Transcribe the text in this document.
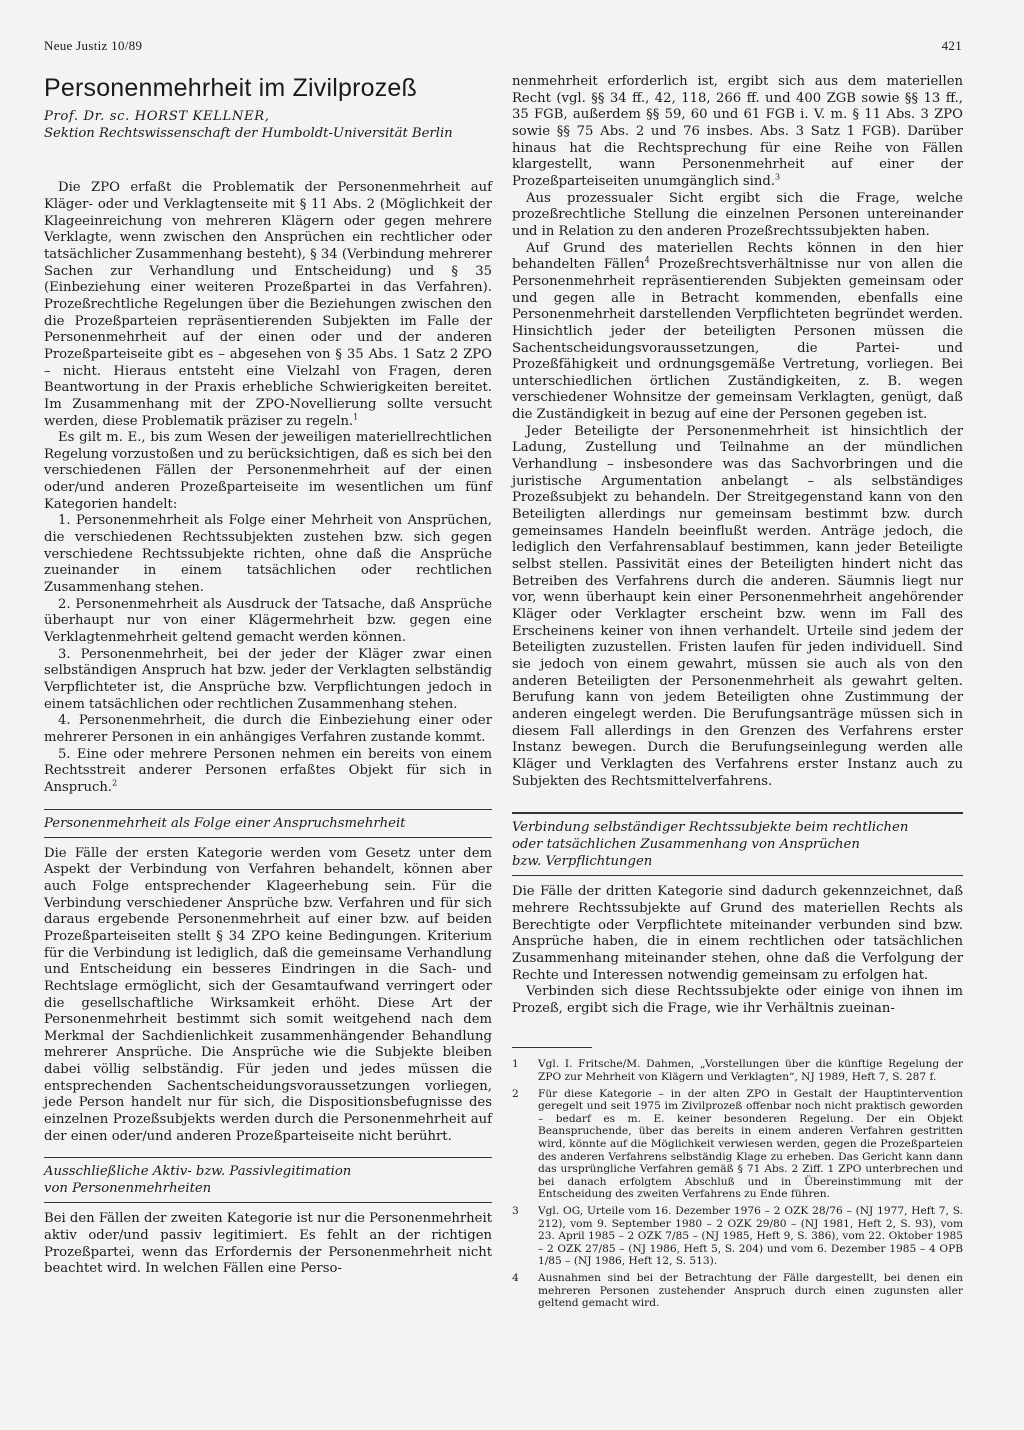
Neue Justiz 10/89	421
Personenmehrheit im Zivilprozeß

Prof. Dr. sc. HORST KELLNER,
Sektion Rechtswissenschaft der Humboldt-Universität Berlin

Die ZPO erfaßt die Problematik der Personenmehrheit auf Kläger- oder und Verklagtenseite mit § 11 Abs. 2 (Möglichkeit der Klageeinreichung von mehreren Klägern oder gegen mehrere Verklagte, wenn zwischen den Ansprüchen ein rechtlicher oder tatsächlicher Zusammenhang besteht), § 34 (Verbindung mehrerer Sachen zur Verhandlung und Entscheidung) und § 35 (Einbeziehung einer weiteren Prozeßpartei in das Verfahren). Prozeßrechtliche Regelungen über die Beziehungen zwischen den die Prozeßparteien repräsentierenden Subjekten im Falle der Personenmehrheit auf der einen oder und der anderen Prozeßparteiseite gibt es – abgesehen von § 35 Abs. 1 Satz 2 ZPO – nicht. Hieraus entsteht eine Vielzahl von Fragen, deren Beantwortung in der Praxis erhebliche Schwierigkeiten bereitet. Im Zusammenhang mit der ZPO-Novellierung sollte versucht werden, diese Problematik präziser zu regeln.$^1$

Es gilt m. E., bis zum Wesen der jeweiligen materiellrechtlichen Regelung vorzustoßen und zu berücksichtigen, daß es sich bei den verschiedenen Fällen der Personenmehrheit auf der einen oder/und anderen Prozeßparteiseite im wesentlichen um fünf Kategorien handelt:

1. Personenmehrheit als Folge einer Mehrheit von Ansprüchen, die verschiedenen Rechtssubjekten zustehen bzw. sich gegen verschiedene Rechtssubjekte richten, ohne daß die Ansprüche zueinander in einem tatsächlichen oder rechtlichen Zusammenhang stehen.

2. Personenmehrheit als Ausdruck der Tatsache, daß Ansprüche überhaupt nur von einer Klägermehrheit bzw. gegen eine Verklagtenmehrheit geltend gemacht werden können.

3. Personenmehrheit, bei der jeder der Kläger zwar einen selbständigen Anspruch hat bzw. jeder der Verklagten selbständig Verpflichteter ist, die Ansprüche bzw. Verpflichtungen jedoch in einem tatsächlichen oder rechtlichen Zusammenhang stehen.

4. Personenmehrheit, die durch die Einbeziehung einer oder mehrerer Personen in ein anhängiges Verfahren zustande kommt.

5. Eine oder mehrere Personen nehmen ein bereits von einem Rechtsstreit anderer Personen erfaßtes Objekt für sich in Anspruch.$^2$

Personenmehrheit als Folge einer Anspruchsmehrheit

Die Fälle der ersten Kategorie werden vom Gesetz unter dem Aspekt der Verbindung von Verfahren behandelt, können aber auch Folge entsprechender Klageerhebung sein. Für die Verbindung verschiedener Ansprüche bzw. Verfahren und für sich daraus ergebende Personenmehrheit auf einer bzw. auf beiden Prozeßparteiseiten stellt § 34 ZPO keine Bedingungen. Kriterium für die Verbindung ist lediglich, daß die gemeinsame Verhandlung und Entscheidung ein besseres Eindringen in die Sach- und Rechtslage ermöglicht, sich der Gesamtaufwand verringert oder die gesellschaftliche Wirksamkeit erhöht. Diese Art der Personenmehrheit bestimmt sich somit weitgehend nach dem Merkmal der Sachdienlichkeit zusammenhängender Behandlung mehrerer Ansprüche. Die Ansprüche wie die Subjekte bleiben dabei völlig selbständig. Für jeden und jedes müssen die entsprechenden Sachentscheidungsvoraussetzungen vorliegen, jede Person handelt nur für sich, die Dispositionsbefugnisse des einzelnen Prozeßsubjekts werden durch die Personenmehrheit auf der einen oder/und anderen Prozeßparteiseite nicht berührt.

Ausschließliche Aktiv- bzw. Passivlegitimation
von Personenmehrheiten

Bei den Fällen der zweiten Kategorie ist nur die Personenmehrheit aktiv oder/und passiv legitimiert. Es fehlt an der richtigen Prozeßpartei, wenn das Erfordernis der Personenmehrheit nicht beachtet wird. In welchen Fällen eine Perso-

nenmehrheit erforderlich ist, ergibt sich aus dem materiellen Recht (vgl. §§ 34 ff., 42, 118, 266 ff. und 400 ZGB sowie §§ 13 ff., 35 FGB, außerdem §§ 59, 60 und 61 FGB i. V. m. § 11 Abs. 3 ZPO sowie §§ 75 Abs. 2 und 76 insbes. Abs. 3 Satz 1 FGB). Darüber hinaus hat die Rechtsprechung für eine Reihe von Fällen klargestellt, wann Personenmehrheit auf einer der Prozeßparteiseiten unumgänglich sind.$^3$

Aus prozessualer Sicht ergibt sich die Frage, welche prozeßrechtliche Stellung die einzelnen Personen untereinander und in Relation zu den anderen Prozeßrechtssubjekten haben.

Auf Grund des materiellen Rechts können in den hier behandelten Fällen$^4$ Prozeßrechtsverhältnisse nur von allen die Personenmehrheit repräsentierenden Subjekten gemeinsam oder und gegen alle in Betracht kommenden, ebenfalls eine Personenmehrheit darstellenden Verpflichteten begründet werden. Hinsichtlich jeder der beteiligten Personen müssen die Sachentscheidungsvoraussetzungen, die Partei- und Prozeßfähigkeit und ordnungsgemäße Vertretung, vorliegen. Bei unterschiedlichen örtlichen Zuständigkeiten, z. B. wegen verschiedener Wohnsitze der gemeinsam Verklagten, genügt, daß die Zuständigkeit in bezug auf eine der Personen gegeben ist.

Jeder Beteiligte der Personenmehrheit ist hinsichtlich der Ladung, Zustellung und Teilnahme an der mündlichen Verhandlung – insbesondere was das Sachvorbringen und die juristische Argumentation anbelangt – als selbständiges Prozeßsubjekt zu behandeln. Der Streitgegenstand kann von den Beteiligten allerdings nur gemeinsam bestimmt bzw. durch gemeinsames Handeln beeinflußt werden. Anträge jedoch, die lediglich den Verfahrensablauf bestimmen, kann jeder Beteiligte selbst stellen. Passivität eines der Beteiligten hindert nicht das Betreiben des Verfahrens durch die anderen. Säumnis liegt nur vor, wenn überhaupt kein einer Personenmehrheit angehörender Kläger oder Verklagter erscheint bzw. wenn im Fall des Erscheinens keiner von ihnen verhandelt. Urteile sind jedem der Beteiligten zuzustellen. Fristen laufen für jeden individuell. Sind sie jedoch von einem gewahrt, müssen sie auch als von den anderen Beteiligten der Personenmehrheit als gewahrt gelten. Berufung kann von jedem Beteiligten ohne Zustimmung der anderen eingelegt werden. Die Berufungsanträge müssen sich in diesem Fall allerdings in den Grenzen des Verfahrens erster Instanz bewegen. Durch die Berufungseinlegung werden alle Kläger und Verklagten des Verfahrens erster Instanz auch zu Subjekten des Rechtsmittelverfahrens.

Verbindung selbständiger Rechtssubjekte beim rechtlichen
oder tatsächlichen Zusammenhang von Ansprüchen
bzw. Verpflichtungen

Die Fälle der dritten Kategorie sind dadurch gekennzeichnet, daß mehrere Rechtssubjekte auf Grund des materiellen Rechts als Berechtigte oder Verpflichtete miteinander verbunden sind bzw. Ansprüche haben, die in einem rechtlichen oder tatsächlichen Zusammenhang miteinander stehen, ohne daß die Verfolgung der Rechte und Interessen notwendig gemeinsam zu erfolgen hat.

Verbinden sich diese Rechtssubjekte oder einige von ihnen im Prozeß, ergibt sich die Frage, wie ihr Verhältnis zueinan-

1	Vgl. I. Fritsche/M. Dahmen, „Vorstellungen über die künftige Regelung der ZPO zur Mehrheit von Klägern und Verklagten“, NJ 1989, Heft 7, S. 287 f.
2	Für diese Kategorie – in der alten ZPO in Gestalt der Hauptintervention geregelt und seit 1975 im Zivilprozeß offenbar noch nicht praktisch geworden – bedarf es m. E. keiner besonderen Regelung. Der ein Objekt Beanspruchende, über das bereits in einem anderen Verfahren gestritten wird, könnte auf die Möglichkeit verwiesen werden, gegen die Prozeßparteien des anderen Verfahrens selbständig Klage zu erheben. Das Gericht kann dann das ursprüngliche Verfahren gemäß § 71 Abs. 2 Ziff. 1 ZPO unterbrechen und bei danach erfolgtem Abschluß und in Übereinstimmung mit der Entscheidung des zweiten Verfahrens zu Ende führen.
3	Vgl. OG, Urteile vom 16. Dezember 1976 – 2 OZK 28/76 – (NJ 1977, Heft 7, S. 212), vom 9. September 1980 – 2 OZK 29/80 – (NJ 1981, Heft 2, S. 93), vom 23. April 1985 – 2 OZK 7/85 – (NJ 1985, Heft 9, S. 386), vom 22. Oktober 1985 – 2 OZK 27/85 – (NJ 1986, Heft 5, S. 204) und vom 6. Dezember 1985 – 4 OPB 1/85 – (NJ 1986, Heft 12, S. 513).
4	Ausnahmen sind bei der Betrachtung der Fälle dargestellt, bei denen ein mehreren Personen zustehender Anspruch durch einen zugunsten aller geltend gemacht wird.
